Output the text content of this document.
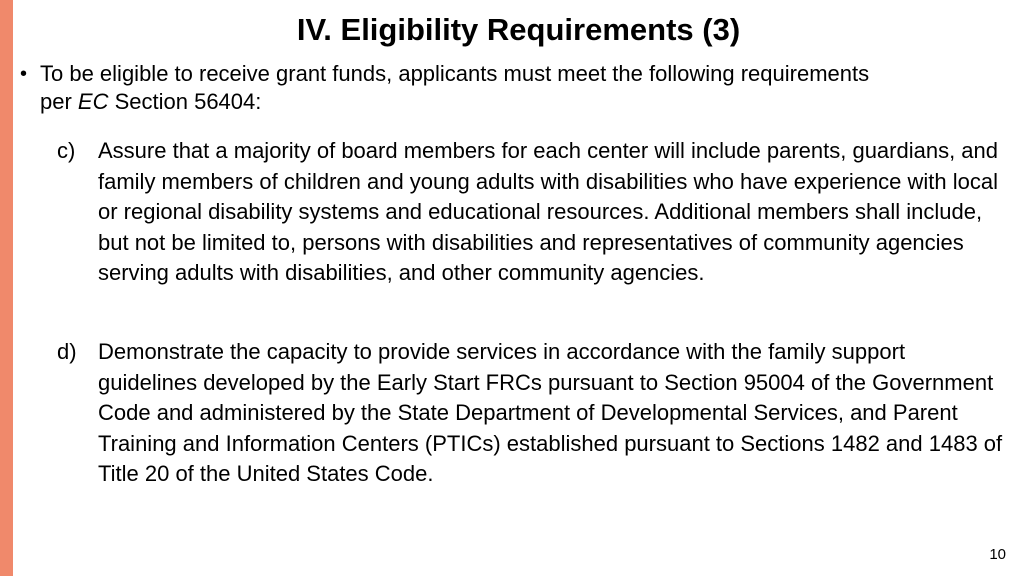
IV. Eligibility Requirements (3)
• To be eligible to receive grant funds, applicants must meet the following requirements per EC Section 56404:
c)	Assure that a majority of board members for each center will include parents, guardians, and family members of children and young adults with disabilities who have experience with local or regional disability systems and educational resources. Additional members shall include, but not be limited to, persons with disabilities and representatives of community agencies serving adults with disabilities, and other community agencies.
d) Demonstrate the capacity to provide services in accordance with the family support guidelines developed by the Early Start FRCs pursuant to Section 95004 of the Government Code and administered by the State Department of Developmental Services, and Parent Training and Information Centers (PTICs) established pursuant to Sections 1482 and 1483 of Title 20 of the United States Code.
10
